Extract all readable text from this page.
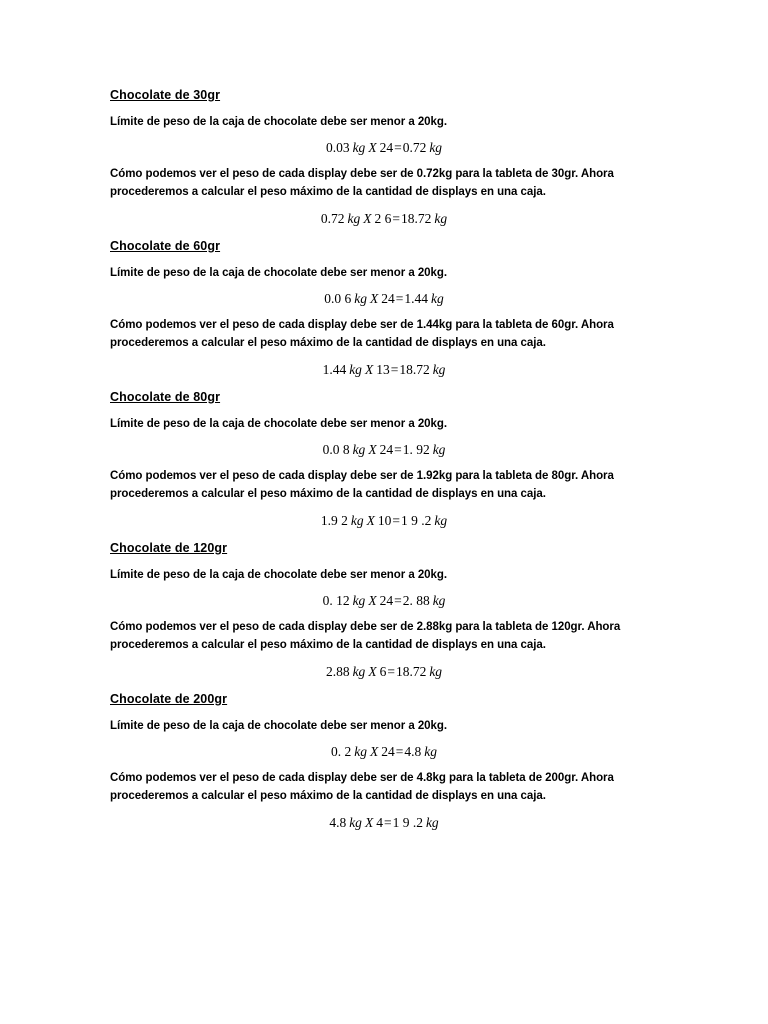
Chocolate de 30gr
Límite de peso de la caja de chocolate debe ser menor a 20kg.
0.03 kg X 24=0.72 kg
Cómo podemos ver el peso de cada display debe ser de 0.72kg para la tableta de 30gr. Ahora procederemos a calcular el peso máximo de la cantidad de displays en una caja.
0.72 kg X 2 6=18.72 kg
Chocolate de 60gr
Límite de peso de la caja de chocolate debe ser menor a 20kg.
0.0 6 kg X 24=1.44 kg
Cómo podemos ver el peso de cada display debe ser de 1.44kg para la tableta de 60gr. Ahora procederemos a calcular el peso máximo de la cantidad de displays en una caja.
1.44 kg X 13=18.72 kg
Chocolate de 80gr
Límite de peso de la caja de chocolate debe ser menor a 20kg.
0.0 8 kg X 24=1. 92 kg
Cómo podemos ver el peso de cada display debe ser de 1.92kg para la tableta de 80gr. Ahora procederemos a calcular el peso máximo de la cantidad de displays en una caja.
1.9 2 kg X 10=1 9 .2 kg
Chocolate de 120gr
Límite de peso de la caja de chocolate debe ser menor a 20kg.
0. 12 kg X 24=2. 88 kg
Cómo podemos ver el peso de cada display debe ser de 2.88kg para la tableta de 120gr. Ahora procederemos a calcular el peso máximo de la cantidad de displays en una caja.
2.88 kg X 6=18.72 kg
Chocolate de 200gr
Límite de peso de la caja de chocolate debe ser menor a 20kg.
0. 2 kg X 24=4.8 kg
Cómo podemos ver el peso de cada display debe ser de 4.8kg para la tableta de 200gr. Ahora procederemos a calcular el peso máximo de la cantidad de displays en una caja.
4.8 kg X 4=1 9 .2 kg
